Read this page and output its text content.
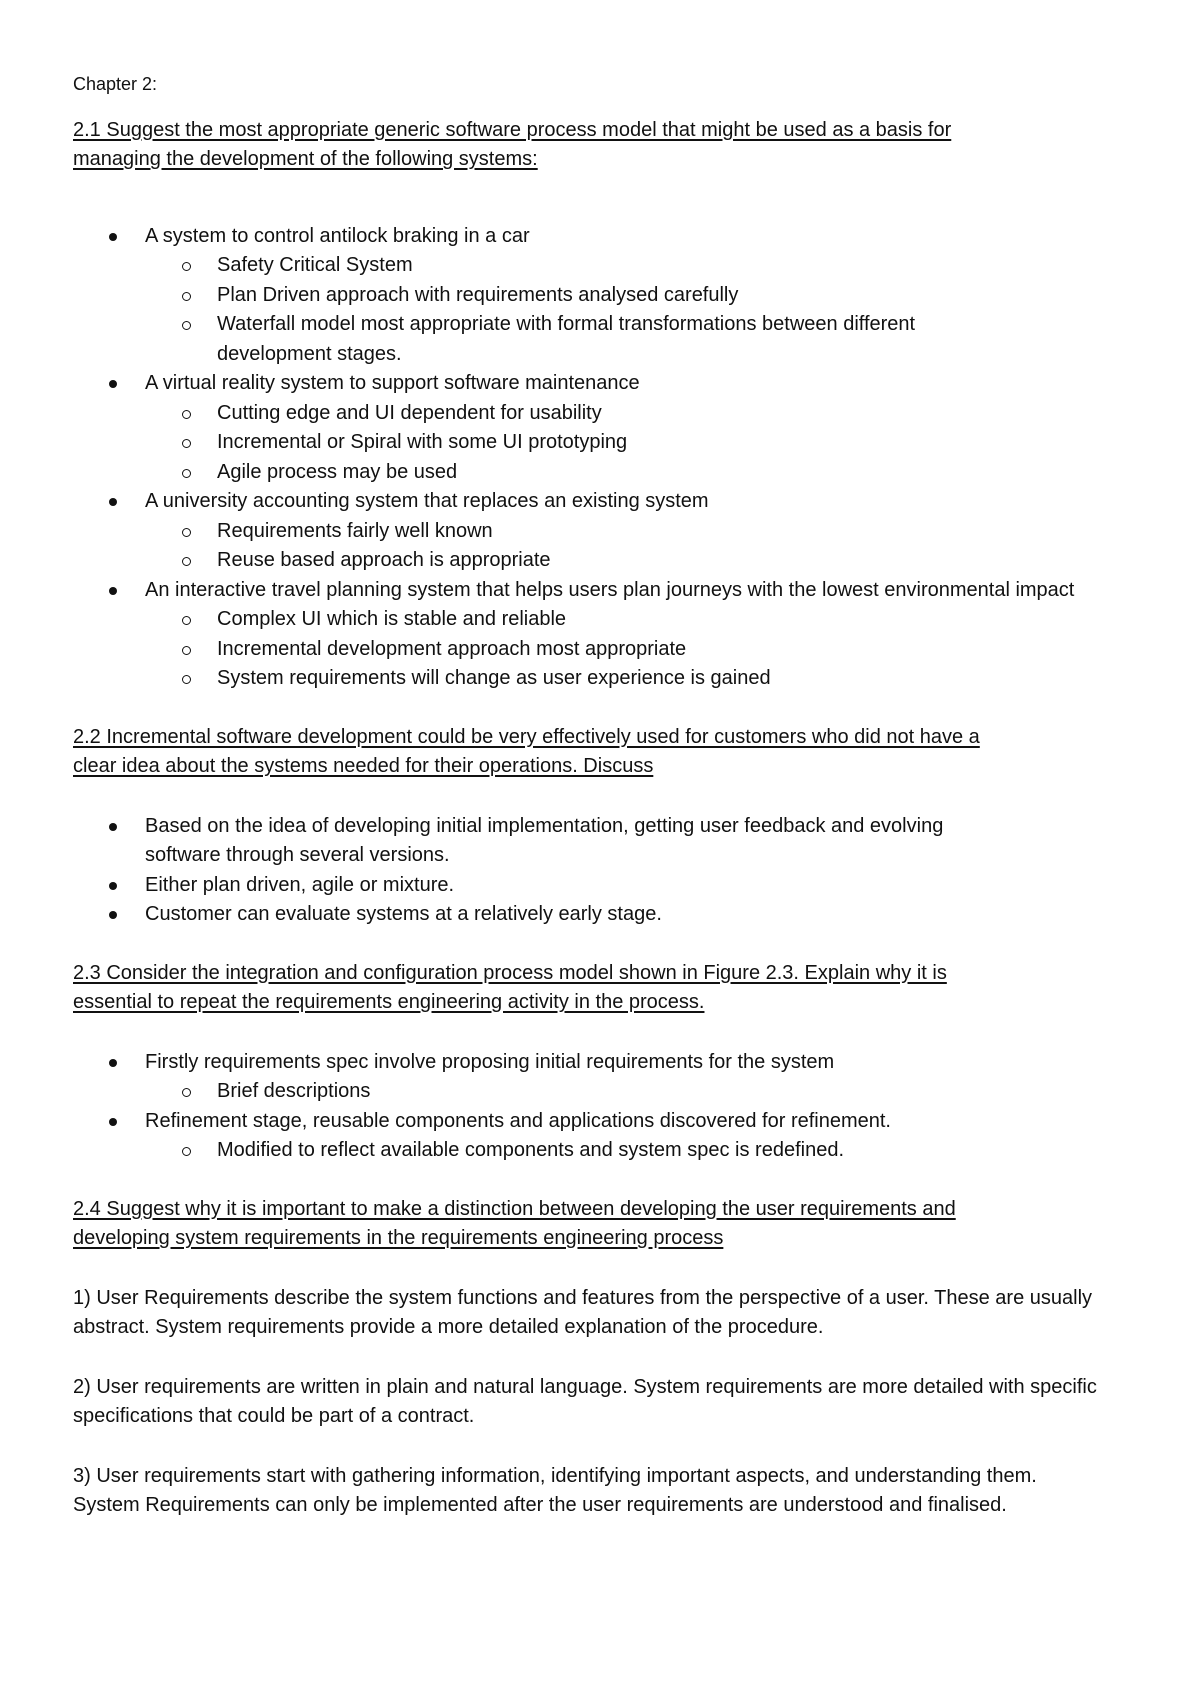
Chapter 2:

2.1 Suggest the most appropriate generic software process model that might be used as a basis for
managing the development of the following systems:

A system to control antilock braking in a car
Safety Critical System
Plan Driven approach with requirements analysed carefully
Waterfall model most appropriate with formal transformations between different development stages.
A virtual reality system to support software maintenance
Cutting edge and UI dependent for usability
Incremental or Spiral with some UI prototyping
Agile process may be used
A university accounting system that replaces an existing system
Requirements fairly well known
Reuse based approach is appropriate
An interactive travel planning system that helps users plan journeys with the lowest environmental impact
Complex UI which is stable and reliable
Incremental development approach most appropriate
System requirements will change as user experience is gained

2.2 Incremental software development could be very effectively used for customers who did not have a
clear idea about the systems needed for their operations. Discuss

Based on the idea of developing initial implementation, getting user feedback and evolving software through several versions.
Either plan driven, agile or mixture.
Customer can evaluate systems at a relatively early stage.

2.3 Consider the integration and configuration process model shown in Figure 2.3. Explain why it is
essential to repeat the requirements engineering activity in the process.

Firstly requirements spec involve proposing initial requirements for the system
Brief descriptions
Refinement stage, reusable components and applications discovered for refinement.
Modified to reflect available components and system spec is redefined.

2.4 Suggest why it is important to make a distinction between developing the user requirements and
developing system requirements in the requirements engineering process

1) User Requirements describe the system functions and features from the perspective of a user. These are usually abstract. System requirements provide a more detailed explanation of the procedure.

2) User requirements are written in plain and natural language. System requirements are more detailed with specific specifications that could be part of a contract.

3) User requirements start with gathering information, identifying important aspects, and understanding them.

System Requirements can only be implemented after the user requirements are understood and finalised.
